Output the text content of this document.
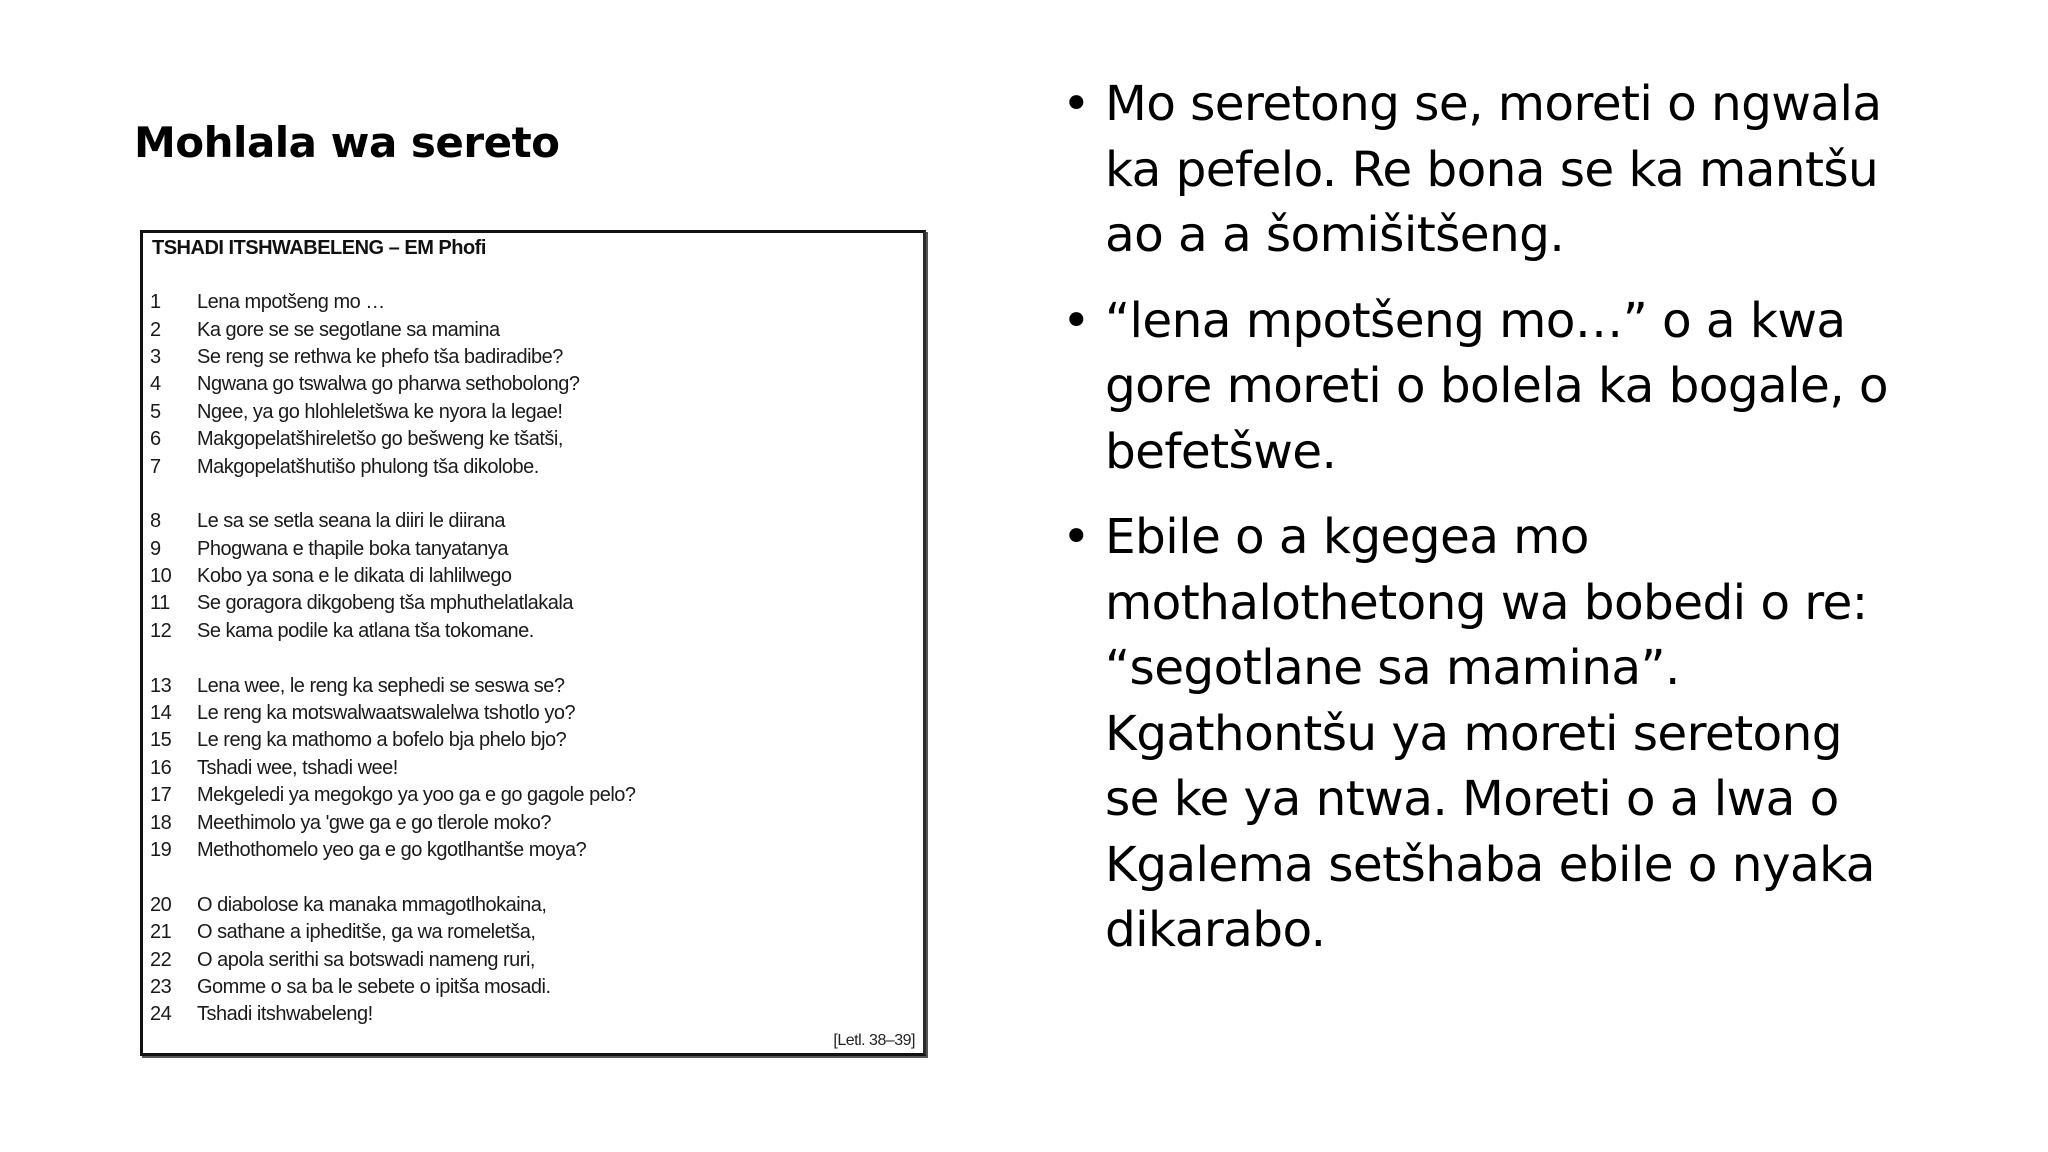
Mohlala wa sereto
TSHADI ITSHWABELENG – EM Phofi
1	Lena mpotšeng mo …
2	Ka gore se se segotlane sa mamina
3	Se reng se rethwa ke phefo tša badiradibe?
4	Ngwana go tswalwa go pharwa sethobolong?
5	Ngee, ya go hlohleletšwa ke nyora la legae!
6	Makgopelatšhireletšo go bešweng ke tšatši,
7	Makgopelatšhutišo phulong tša dikolobe.
8	Le sa se setla seana la diiri le diirana
9	Phogwana e thapile boka tanyatanya
10	Kobo ya sona e le dikata di lahlilwego
11	Se goragora dikgobeng tša mphuthelatlakala
12	Se kama podile ka atlana tša tokomane.
13	Lena wee, le reng ka sephedi se seswa se?
14	Le reng ka motswalwaatswalelwa tshotlo yo?
15	Le reng ka mathomo a bofelo bja phelo bjo?
16	Tshadi wee, tshadi wee!
17	Mekgeledi ya megokgo ya yoo ga e go gagole pelo?
18	Meethimolo ya 'gwe ga e go tlerole moko?
19	Methothomelo yeo ga e go kgotlhantše moya?
20	O diabolose ka manaka mmagotlhokaina,
21	O sathane a ipheditše, ga wa romeletša,
22	O apola serithi sa botswadi nameng ruri,
23	Gomme o sa ba le sebete o ipitša mosadi.
24	Tshadi itshwabeleng!
[Letl. 38–39]
• Mo seretong se, moreti o ngwala
ka pefelo. Re bona se ka mantšu
ao a a šomišitšeng.
• “lena mpotšeng mo…” o a kwa
gore moreti o bolela ka bogale, o
befetšwe.
• Ebile o a kgegea mo
mothalothetong wa bobedi o re:
“segotlane sa mamina”.
Kgathontšu ya moreti seretong
se ke ya ntwa. Moreti o a lwa o
Kgalema setšhaba ebile o nyaka
dikarabo.
